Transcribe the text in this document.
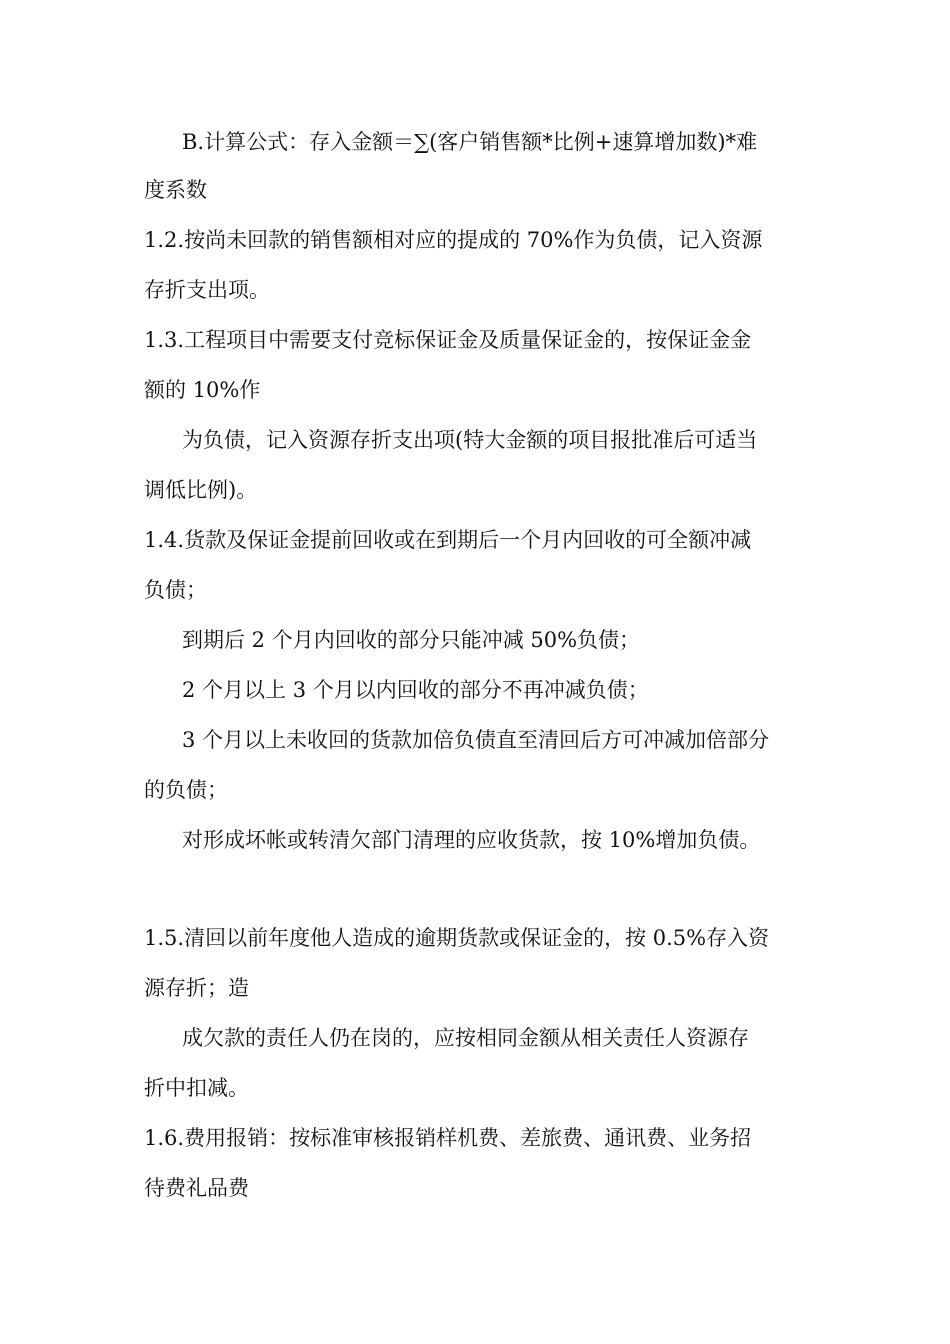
B.计算公式：存入金额＝∑(客户销售额*比例+速算增加数)*难

度系数

1.2.按尚未回款的销售额相对应的提成的 70%作为负债，记入资源

存折支出项。

1.3.工程项目中需要支付竞标保证金及质量保证金的，按保证金金

额的 10%作

为负债，记入资源存折支出项(特大金额的项目报批准后可适当

调低比例)。

1.4.货款及保证金提前回收或在到期后一个月内回收的可全额冲减

负债；

到期后 2 个月内回收的部分只能冲减 50%负债；

2 个月以上 3 个月以内回收的部分不再冲减负债；

3 个月以上未收回的货款加倍负债直至清回后方可冲减加倍部分

的负债；

对形成坏帐或转清欠部门清理的应收货款，按 10%增加负债。

1.5.清回以前年度他人造成的逾期货款或保证金的，按 0.5%存入资

源存折；造

成欠款的责任人仍在岗的，应按相同金额从相关责任人资源存

折中扣减。

1.6.费用报销：按标准审核报销样机费、差旅费、通讯费、业务招

待费礼品费
